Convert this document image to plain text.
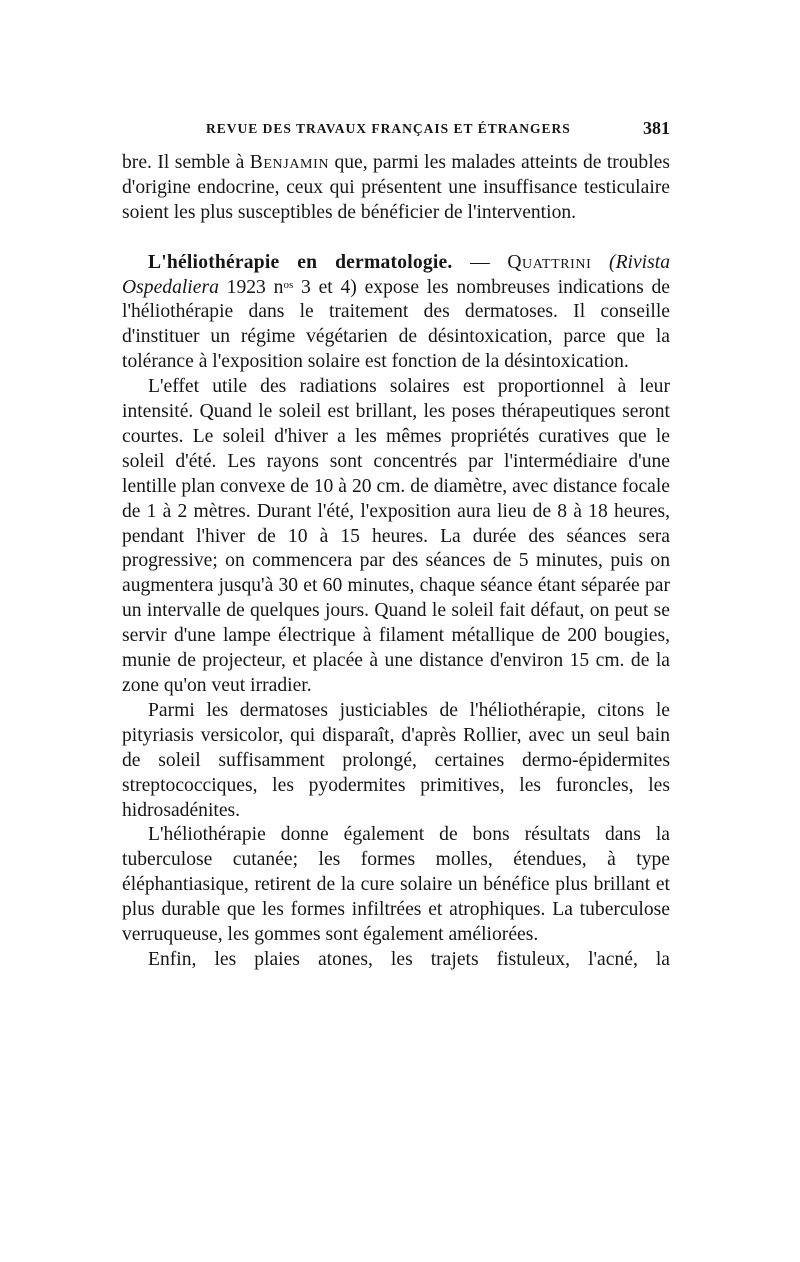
REVUE DES TRAVAUX FRANÇAIS ET ÉTRANGERS	381

bre. Il semble à Benjamin que, parmi les malades atteints de troubles d'origine endocrine, ceux qui présentent une insuffisance testiculaire soient les plus susceptibles de bénéficier de l'intervention.

L'héliothérapie en dermatologie. — Quattrini (Rivista Ospedaliera 1923 $n^{os}$ 3 et 4) expose les nombreuses indications de l'héliothérapie dans le traitement des dermatoses. Il conseille d'instituer un régime végétarien de désintoxication, parce que la tolérance à l'exposition solaire est fonction de la désintoxication.

L'effet utile des radiations solaires est proportionnel à leur intensité. Quand le soleil est brillant, les poses thérapeutiques seront courtes. Le soleil d'hiver a les mêmes propriétés curatives que le soleil d'été. Les rayons sont concentrés par l'intermédiaire d'une lentille plan convexe de 10 à 20 cm. de diamètre, avec distance focale de 1 à 2 mètres. Durant l'été, l'exposition aura lieu de 8 à 18 heures, pendant l'hiver de 10 à 15 heures. La durée des séances sera progressive; on commencera par des séances de 5 minutes, puis on augmentera jusqu'à 30 et 60 minutes, chaque séance étant séparée par un intervalle de quelques jours. Quand le soleil fait défaut, on peut se servir d'une lampe électrique à filament métallique de 200 bougies, munie de projecteur, et placée à une distance d'environ 15 cm. de la zone qu'on veut irradier.

Parmi les dermatoses justiciables de l'héliothérapie, citons le pityriasis versicolor, qui disparaît, d'après Rollier, avec un seul bain de soleil suffisamment prolongé, certaines dermo-épidermites streptococciques, les pyodermites primitives, les furoncles, les hidrosadénites.

L'héliothérapie donne également de bons résultats dans la tuberculose cutanée; les formes molles, étendues, à type éléphantiasique, retirent de la cure solaire un bénéfice plus brillant et plus durable que les formes infiltrées et atrophiques. La tuberculose verruqueuse, les gommes sont également améliorées.

Enfin, les plaies atones, les trajets fistuleux, l'acné, la
